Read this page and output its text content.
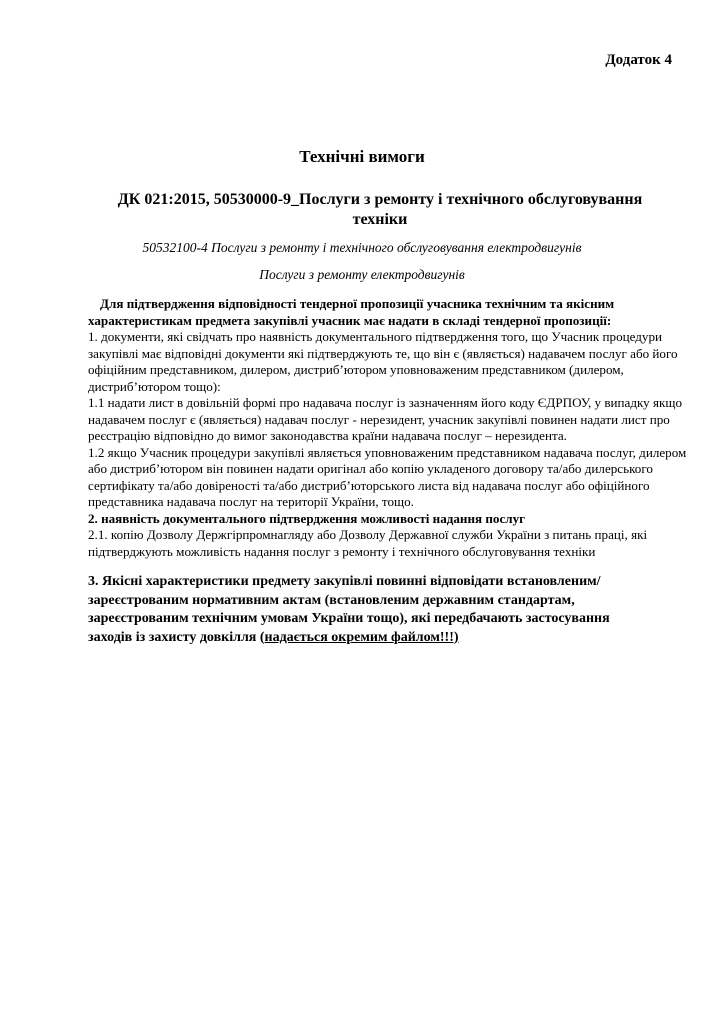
Додаток 4
Технічні вимоги
ДК 021:2015, 50530000-9_Послуги з ремонту і технічного обслуговування техніки
50532100-4 Послуги з ремонту і технічного обслуговування електродвигунів
Послуги з ремонту електродвигунів

Для підтвердження відповідності тендерної пропозиції учасника технічним та якісним характеристикам предмета закупівлі учасник має надати в складі тендерної пропозиції:

1. документи, які свідчать про наявність документального підтвердження того, що Учасник процедури закупівлі має відповідні документи які підтверджують те, що він є (являється) надавачем послуг або його офіційним представником, дилером, дистриб’ютором уповноваженим представником (дилером, дистриб’ютором тощо):

1.1 надати лист в довільній формі про надавача послуг із зазначенням його коду ЄДРПОУ, у випадку якщо надавачем послуг є (являється) надавач послуг - нерезидент, учасник закупівлі повинен надати лист про реєстрацію відповідно до вимог законодавства країни надавача послуг – нерезидента.

1.2 якщо Учасник процедури закупівлі являється уповноваженим представником надавача послуг, дилером або дистриб’ютором він повинен надати оригінал або копію укладеного договору та/або дилерського сертифікату та/або довіреності та/або дистриб’юторського листа від надавача послуг або офіційного представника надавача послуг на території України, тощо.

2. наявність документального підтвердження можливості надання послуг

2.1. копію Дозволу Держгірпромнагляду або Дозволу Державної служби України з питань праці, які підтверджують можливість надання послуг з ремонту і технічного обслуговування техніки

3. Якісні характеристики предмету закупівлі повинні відповідати встановленим/зареєстрованим нормативним актам (встановленим державним стандартам, зареєстрованим технічним умовам України тощо), які передбачають застосування заходів із захисту довкілля (надається окремим файлом!!!)
